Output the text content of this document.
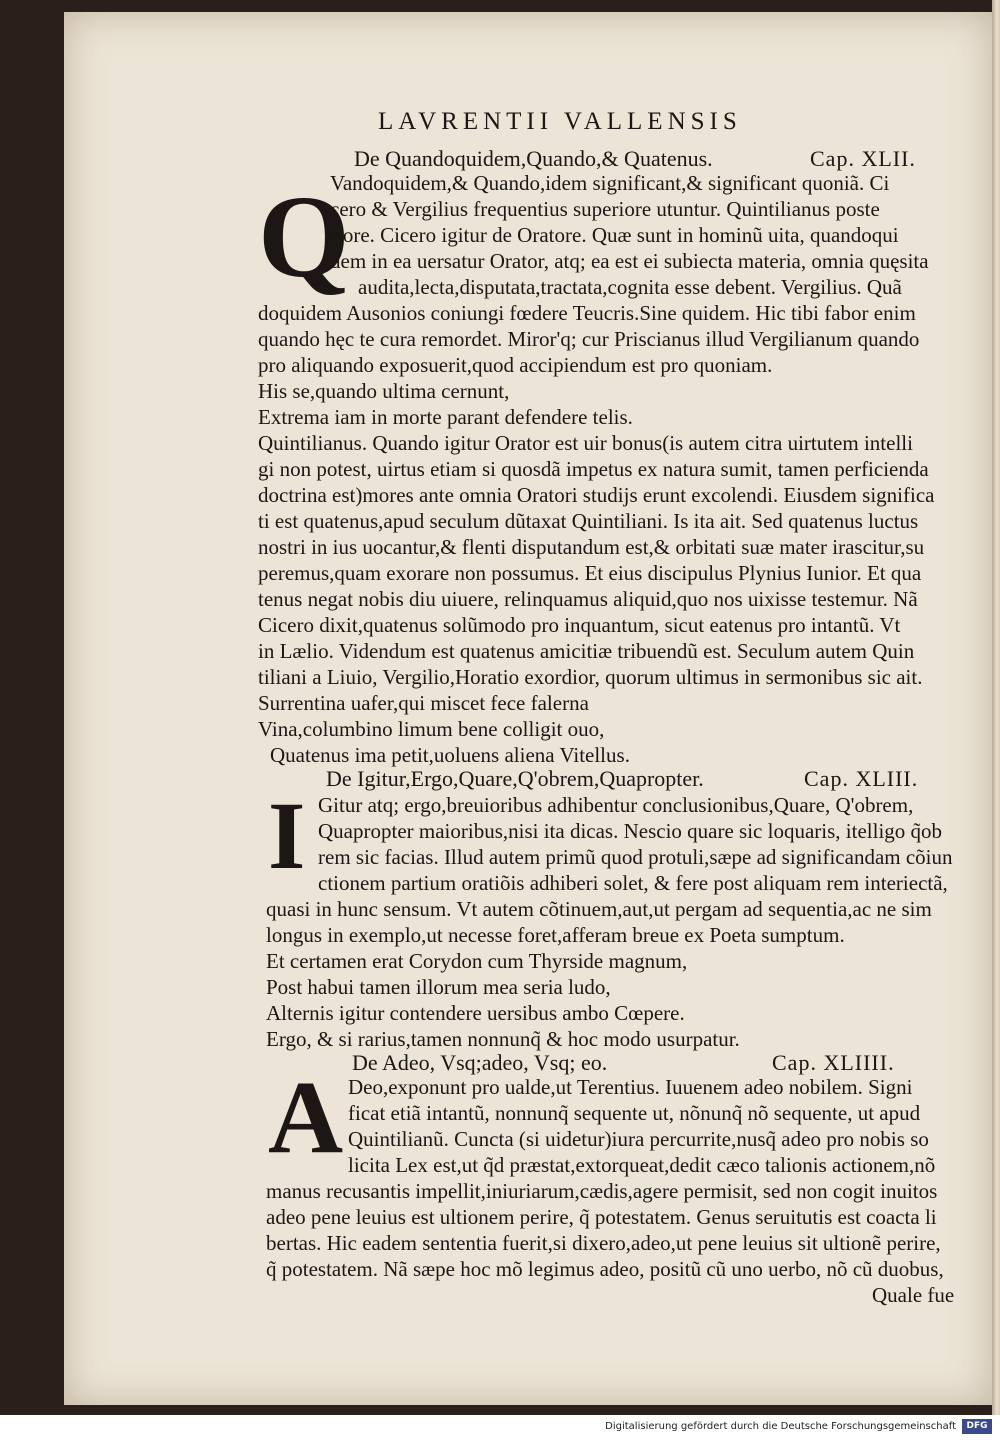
LAVRENTII VALLENSIS
De Quandoquidem,Quando,& Quatenus.	Cap. XLII.
Q
Vandoquidem,& Quando,idem significant,& significant quoniã. Ci
cero & Vergilius frequentius superiore utuntur. Quintilianus poste
riore. Cicero igitur de Oratore. Quæ sunt in hominũ uita, quandoqui
dem in ea uersatur Orator, atq; ea est ei subiecta materia, omnia quęsita
audita,lecta,disputata,tractata,cognita esse debent. Vergilius. Quã
doquidem Ausonios coniungi fœdere Teucris.Sine quidem. Hic tibi fabor enim
quando hęc te cura remordet. Miror'q; cur Priscianus illud Vergilianum quando
pro aliquando exposuerit,quod accipiendum est pro quoniam.
His se,quando ultima cernunt,
Extrema iam in morte parant defendere telis.
Quintilianus. Quando igitur Orator est uir bonus(is autem citra uirtutem intelli
gi non potest, uirtus etiam si quosdã impetus ex natura sumit, tamen perficienda
doctrina est)mores ante omnia Oratori studijs erunt excolendi. Eiusdem significa
ti est quatenus,apud seculum dũtaxat Quintiliani. Is ita ait. Sed quatenus luctus
nostri in ius uocantur,& flenti disputandum est,& orbitati suæ mater irascitur,su
peremus,quam exorare non possumus. Et eius discipulus Plynius Iunior. Et qua
tenus negat nobis diu uiuere, relinquamus aliquid,quo nos uixisse testemur. Nã
Cicero dixit,quatenus solũmodo pro inquantum, sicut eatenus pro intantũ. Vt
in Lælio. Videndum est quatenus amicitiæ tribuendũ est. Seculum autem Quin
tiliani a Liuio, Vergilio,Horatio exordior, quorum ultimus in sermonibus sic ait.
Surrentina uafer,qui miscet fece falerna
Vina,columbino limum bene colligit ouo,
Quatenus ima petit,uoluens aliena Vitellus.
De Igitur,Ergo,Quare,Q'obrem,Quapropter.	Cap. XLIII.
I Gitur atq; ergo,breuioribus adhibentur conclusionibus,Quare, Q'obrem,
Quapropter maioribus,nisi ita dicas. Nescio quare sic loquaris, itelligo q̃ob
rem sic facias. Illud autem primũ quod protuli,sæpe ad significandam cõiun
ctionem partium oratiõis adhiberi solet, & fere post aliquam rem interiectã,
quasi in hunc sensum. Vt autem cõtinuem,aut,ut pergam ad sequentia,ac ne sim
longus in exemplo,ut necesse foret,afferam breue ex Poeta sumptum.
Et certamen erat Corydon cum Thyrside magnum,
Post habui tamen illorum mea seria ludo,
Alternis igitur contendere uersibus ambo Cœpere.
Ergo, & si rarius,tamen nonnunq̃ & hoc modo usurpatur.
De Adeo, Vsq;adeo, Vsq; eo.	Cap. XLIIII.
A Deo,exponunt pro ualde,ut Terentius. Iuuenem adeo nobilem. Signi
ficat etiã intantũ, nonnunq̃ sequente ut, nõnunq̃ nõ sequente, ut apud
Quintilianũ. Cuncta (si uidetur)iura percurrite,nusq̃ adeo pro nobis so
licita Lex est,ut q̃d præstat,extorqueat,dedit cæco talionis actionem,nõ
manus recusantis impellit,iniuriarum,cædis,agere permisit, sed non cogit inuitos
adeo pene leuius est ultionem perire, q̃ potestatem. Genus seruitutis est coacta li
bertas. Hic eadem sententia fuerit,si dixero,adeo,ut pene leuius sit ultionẽ perire,
q̃ potestatem. Nã sæpe hoc mõ legimus adeo, positũ cũ uno uerbo, nõ cũ duobus,
Quale fue
Digitalisierung gefördert durch die Deutsche Forschungsgemeinschaft	DFG
